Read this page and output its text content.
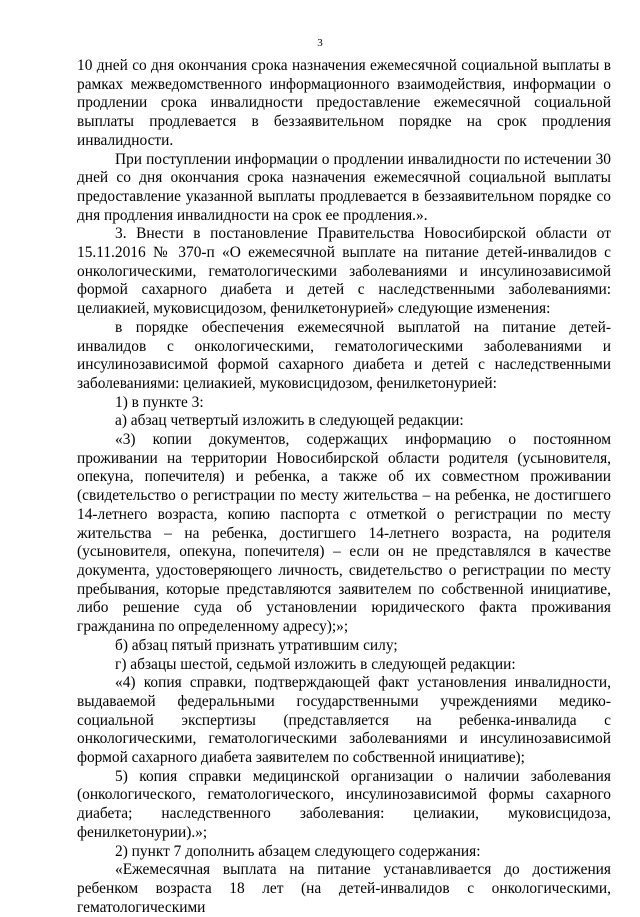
3

10 дней со дня окончания срока назначения ежемесячной социальной выплаты в рамках межведомственного информационного взаимодействия, информации о продлении срока инвалидности предоставление ежемесячной социальной выплаты продлевается в беззаявительном порядке на срок продления инвалидности.

При поступлении информации о продлении инвалидности по истечении 30 дней со дня окончания срока назначения ежемесячной социальной выплаты предоставление указанной выплаты продлевается в беззаявительном порядке со дня продления инвалидности на срок ее продления.».

3. Внести в постановление Правительства Новосибирской области от 15.11.2016 № 370-п «О ежемесячной выплате на питание детей-инвалидов с онкологическими, гематологическими заболеваниями и инсулинозависимой формой сахарного диабета и детей с наследственными заболеваниями: целиакией, муковисцидозом, фенилкетонурией» следующие изменения:

в порядке обеспечения ежемесячной выплатой на питание детей-инвалидов с онкологическими, гематологическими заболеваниями и инсулинозависимой формой сахарного диабета и детей с наследственными заболеваниями: целиакией, муковисцидозом, фенилкетонурией:

1) в пункте 3:

а) абзац четвертый изложить в следующей редакции:

«3) копии документов, содержащих информацию о постоянном проживании на территории Новосибирской области родителя (усыновителя, опекуна, попечителя) и ребенка, а также об их совместном проживании (свидетельство о регистрации по месту жительства – на ребенка, не достигшего 14-летнего возраста, копию паспорта с отметкой о регистрации по месту жительства – на ребенка, достигшего 14-летнего возраста, на родителя (усыновителя, опекуна, попечителя) – если он не представлялся в качестве документа, удостоверяющего личность, свидетельство о регистрации по месту пребывания, которые представляются заявителем по собственной инициативе, либо решение суда об установлении юридического факта проживания гражданина по определенному адресу);»;

б) абзац пятый признать утратившим силу;

г) абзацы шестой, седьмой изложить в следующей редакции:

«4) копия справки, подтверждающей факт установления инвалидности, выдаваемой федеральными государственными учреждениями медико-социальной экспертизы (представляется на ребенка-инвалида с онкологическими, гематологическими заболеваниями и инсулинозависимой формой сахарного диабета заявителем по собственной инициативе);

5) копия справки медицинской организации о наличии заболевания (онкологического, гематологического, инсулинозависимой формы сахарного диабета; наследственного заболевания: целиакии, муковисцидоза, фенилкетонурии).»;

2) пункт 7 дополнить абзацем следующего содержания:

«Ежемесячная выплата на питание устанавливается до достижения ребенком возраста 18 лет (на детей-инвалидов с онкологическими, гематологическими
